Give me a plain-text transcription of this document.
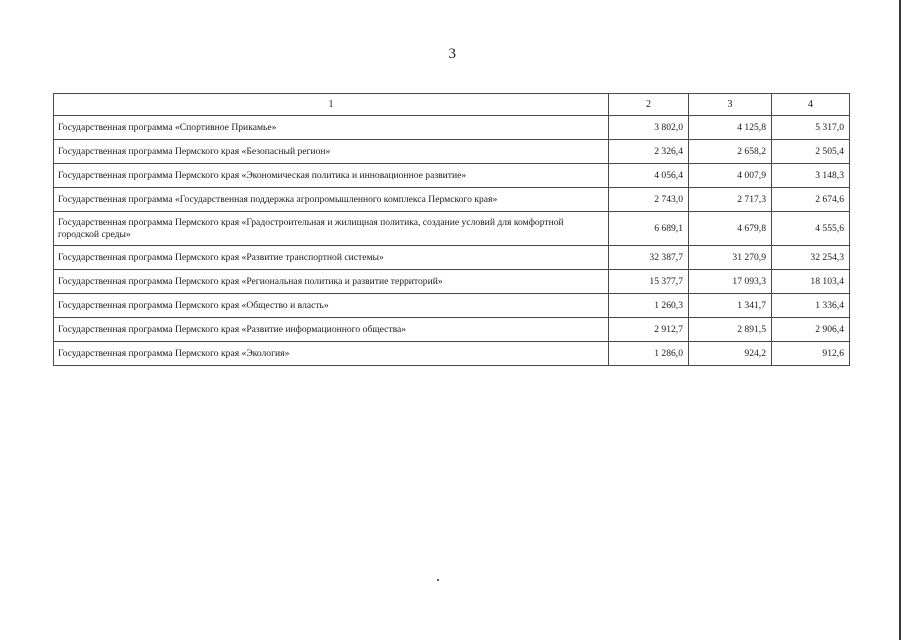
3
1	2	3	4
Государственная программа «Спортивное Прикамье»	3 802,0	4 125,8	5 317,0
Государственная программа Пермского края «Безопасный регион»	2 326,4	2 658,2	2 505,4
Государственная программа Пермского края «Экономическая политика и инновационное развитие»	4 056,4	4 007,9	3 148,3
Государственная программа «Государственная поддержка агропромышленного комплекса Пермского края»	2 743,0	2 717,3	2 674,6
Государственная программа Пермского края «Градостроительная и жилищная политика, создание условий для комфортной городской среды»	6 689,1	4 679,8	4 555,6
Государственная программа Пермского края «Развитие транспортной системы»	32 387,7	31 270,9	32 254,3
Государственная программа Пермского края «Региональная политика и развитие территорий»	15 377,7	17 093,3	18 103,4
Государственная программа Пермского края «Общество и власть»	1 260,3	1 341,7	1 336,4
Государственная программа Пермского края «Развитие информационного общества»	2 912,7	2 891,5	2 906,4
Государственная программа Пермского края «Экология»	1 286,0	924,2	912,6
